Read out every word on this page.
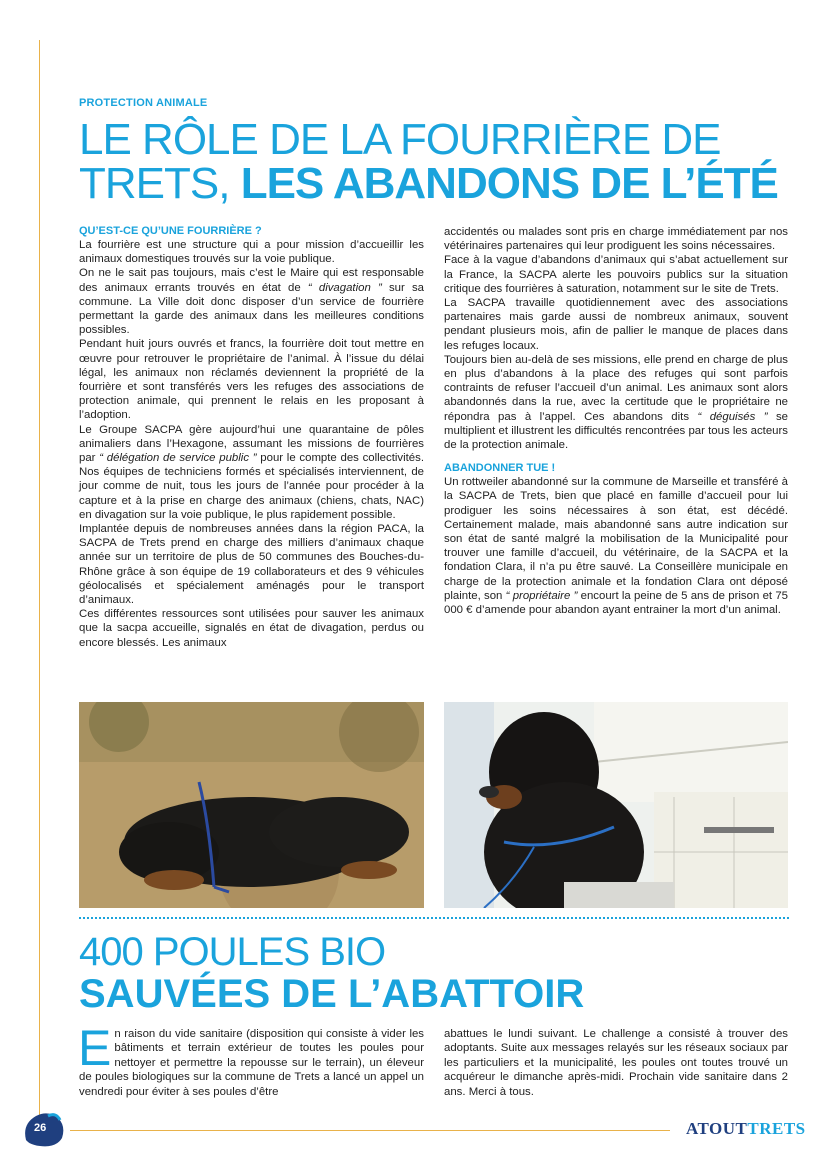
PROTECTION ANIMALE
LE RÔLE DE LA FOURRIÈRE DE
TRETS, LES ABANDONS DE L’ÉTÉ

QU’EST-CE QU’UNE FOURRIÈRE ?

La fourrière est une structure qui a pour mission d’accueillir les animaux domestiques trouvés sur la voie publique.

On ne le sait pas toujours, mais c’est le Maire qui est responsable des animaux errants trouvés en état de “ divagation ” sur sa commune. La Ville doit donc disposer d’un service de fourrière permettant la garde des animaux dans les meilleures conditions possibles.

Pendant huit jours ouvrés et francs, la fourrière doit tout mettre en œuvre pour retrouver le propriétaire de l’animal. À l’issue du délai légal, les animaux non réclamés deviennent la propriété de la fourrière et sont transférés vers les refuges des associations de protection animale, qui prennent le relais en les proposant à l’adoption.

Le Groupe SACPA gère aujourd’hui une quarantaine de pôles animaliers dans l’Hexagone, assumant les missions de fourrières par “ délégation de service public ” pour le compte des collectivités. Nos équipes de techniciens formés et spécialisés interviennent, de jour comme de nuit, tous les jours de l’année pour procéder à la capture et à la prise en charge des animaux (chiens, chats, NAC) en divagation sur la voie publique, le plus rapidement possible.

Implantée depuis de nombreuses années dans la région PACA, la SACPA de Trets prend en charge des milliers d’animaux chaque année sur un territoire de plus de 50 communes des Bouches-du-Rhône grâce à son équipe de 19 collaborateurs et des 9 véhicules géolocalisés et spécialement aménagés pour le transport d’animaux.

Ces différentes ressources sont utilisées pour sauver les animaux que la sacpa accueille, signalés en état de divagation, perdus ou encore blessés. Les animaux

accidentés ou malades sont pris en charge immédiatement par nos vétérinaires partenaires qui leur prodiguent les soins nécessaires.

Face à la vague d’abandons d’animaux qui s’abat actuellement sur la France, la SACPA alerte les pouvoirs publics sur la situation critique des fourrières à saturation, notamment sur le site de Trets.

La SACPA travaille quotidiennement avec des associations partenaires mais garde aussi de nombreux animaux, souvent pendant plusieurs mois, afin de pallier le manque de places dans les refuges locaux.

Toujours bien au-delà de ses missions, elle prend en charge de plus en plus d’abandons à la place des refuges qui sont parfois contraints de refuser l’accueil d’un animal. Les animaux sont alors abandonnés dans la rue, avec la certitude que le propriétaire ne répondra pas à l’appel. Ces abandons dits “ déguisés ” se multiplient et illustrent les difficultés rencontrées par tous les acteurs de la protection animale.

ABANDONNER TUE !

Un rottweiler abandonné sur la commune de Marseille et transféré à la SACPA de Trets, bien que placé en famille d’accueil pour lui prodiguer les soins nécessaires à son état, est décédé. Certainement malade, mais abandonné sans autre indication sur son état de santé malgré la mobilisation de la Municipalité pour trouver une famille d’accueil, du vétérinaire, de la SACPA et la fondation Clara, il n’a pu être sauvé. La Conseillère municipale en charge de la protection animale et la fondation Clara ont déposé plainte, son “ propriétaire ” encourt la peine de 5 ans de prison et 75 000 € d’amende pour abandon ayant entrainer la mort d’un animal.

400 POULES BIO
SAUVÉES DE L’ABATTOIR
En raison du vide sanitaire (disposition qui consiste à vider les bâtiments et terrain extérieur de toutes les poules pour nettoyer et permettre la repousse sur le terrain), un éleveur de poules biologiques sur la commune de Trets a lancé un appel un vendredi pour éviter à ses poules d’être
abattues le lundi suivant. Le challenge a consisté à trouver des adoptants. Suite aux messages relayés sur les réseaux sociaux par les particuliers et la municipalité, les poules ont toutes trouvé un acquéreur le dimanche après-midi. Prochain vide sanitaire dans 2 ans. Merci à tous.
26	ATOUTTRETS
